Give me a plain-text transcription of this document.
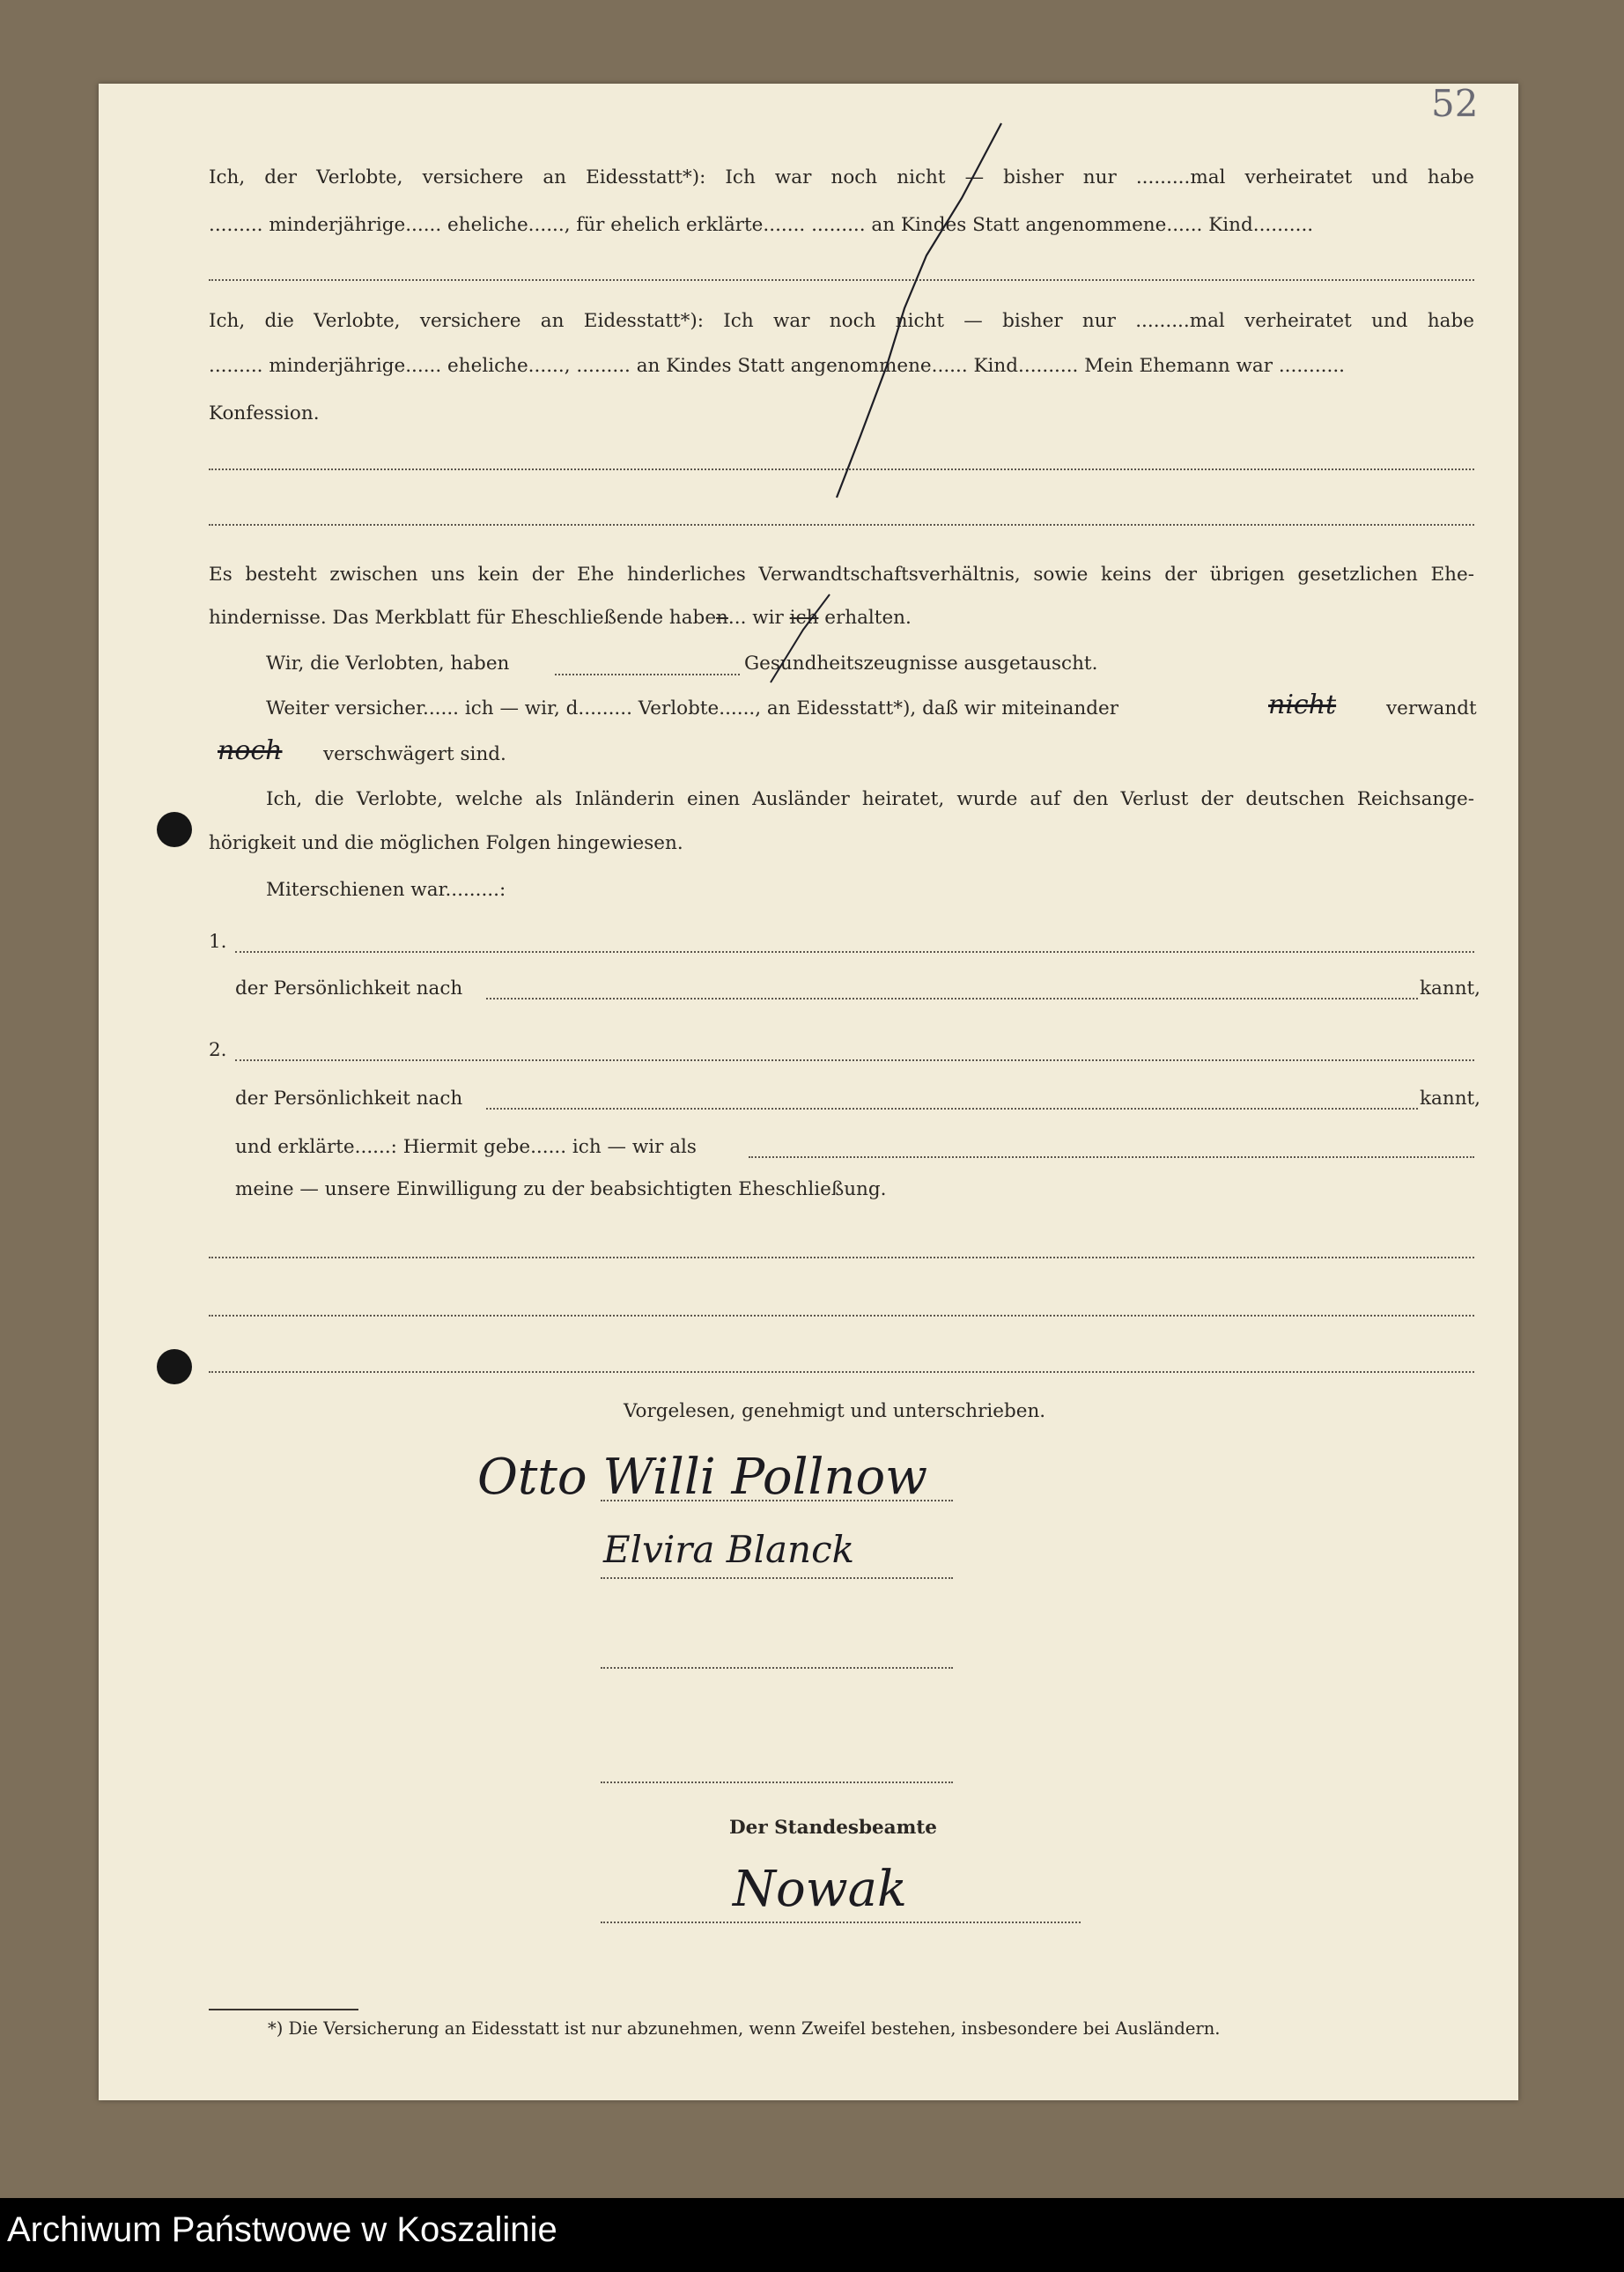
52
Ich, der Verlobte, versichere an Eidesstatt*): Ich war noch nicht — bisher nur .........mal verheiratet und habe
......... minderjährige...... eheliche......, für ehelich erklärte....... ......... an Kindes Statt angenommene...... Kind..........
Ich, die Verlobte, versichere an Eidesstatt*): Ich war noch nicht — bisher nur .........mal verheiratet und habe
......... minderjährige...... eheliche......, ......... an Kindes Statt angenommene...... Kind.......... Mein Ehemann war ...........
Konfession.
Es besteht zwischen uns kein der Ehe hinderliches Verwandtschaftsverhältnis, sowie keins der übrigen gesetzlichen Ehe-
hindernisse. Das Merkblatt für Eheschließende haben... wir ich erhalten.
Wir, die Verlobten, haben	Gesundheitszeugnisse ausgetauscht.
Weiter versicher...... ich — wir, d......... Verlobte......, an Eidesstatt*), daß wir miteinander	nicht	verwandt
noch verschwägert sind.
Ich, die Verlobte, welche als Inländerin einen Ausländer heiratet, wurde auf den Verlust der deutschen Reichsange-
hörigkeit und die möglichen Folgen hingewiesen.
Miterschienen war.........:
1.
der Persönlichkeit nach	kannt,
2.
der Persönlichkeit nach	kannt,
und erklärte......: Hiermit gebe...... ich — wir als
meine — unsere Einwilligung zu der beabsichtigten Eheschließung.
Vorgelesen, genehmigt und unterschrieben.
Otto Willi Pollnow
Elvira Blanck
Der Standesbeamte
Nowak
*) Die Versicherung an Eidesstatt ist nur abzunehmen, wenn Zweifel bestehen, insbesondere bei Ausländern.
Archiwum Państwowe w Koszalinie
